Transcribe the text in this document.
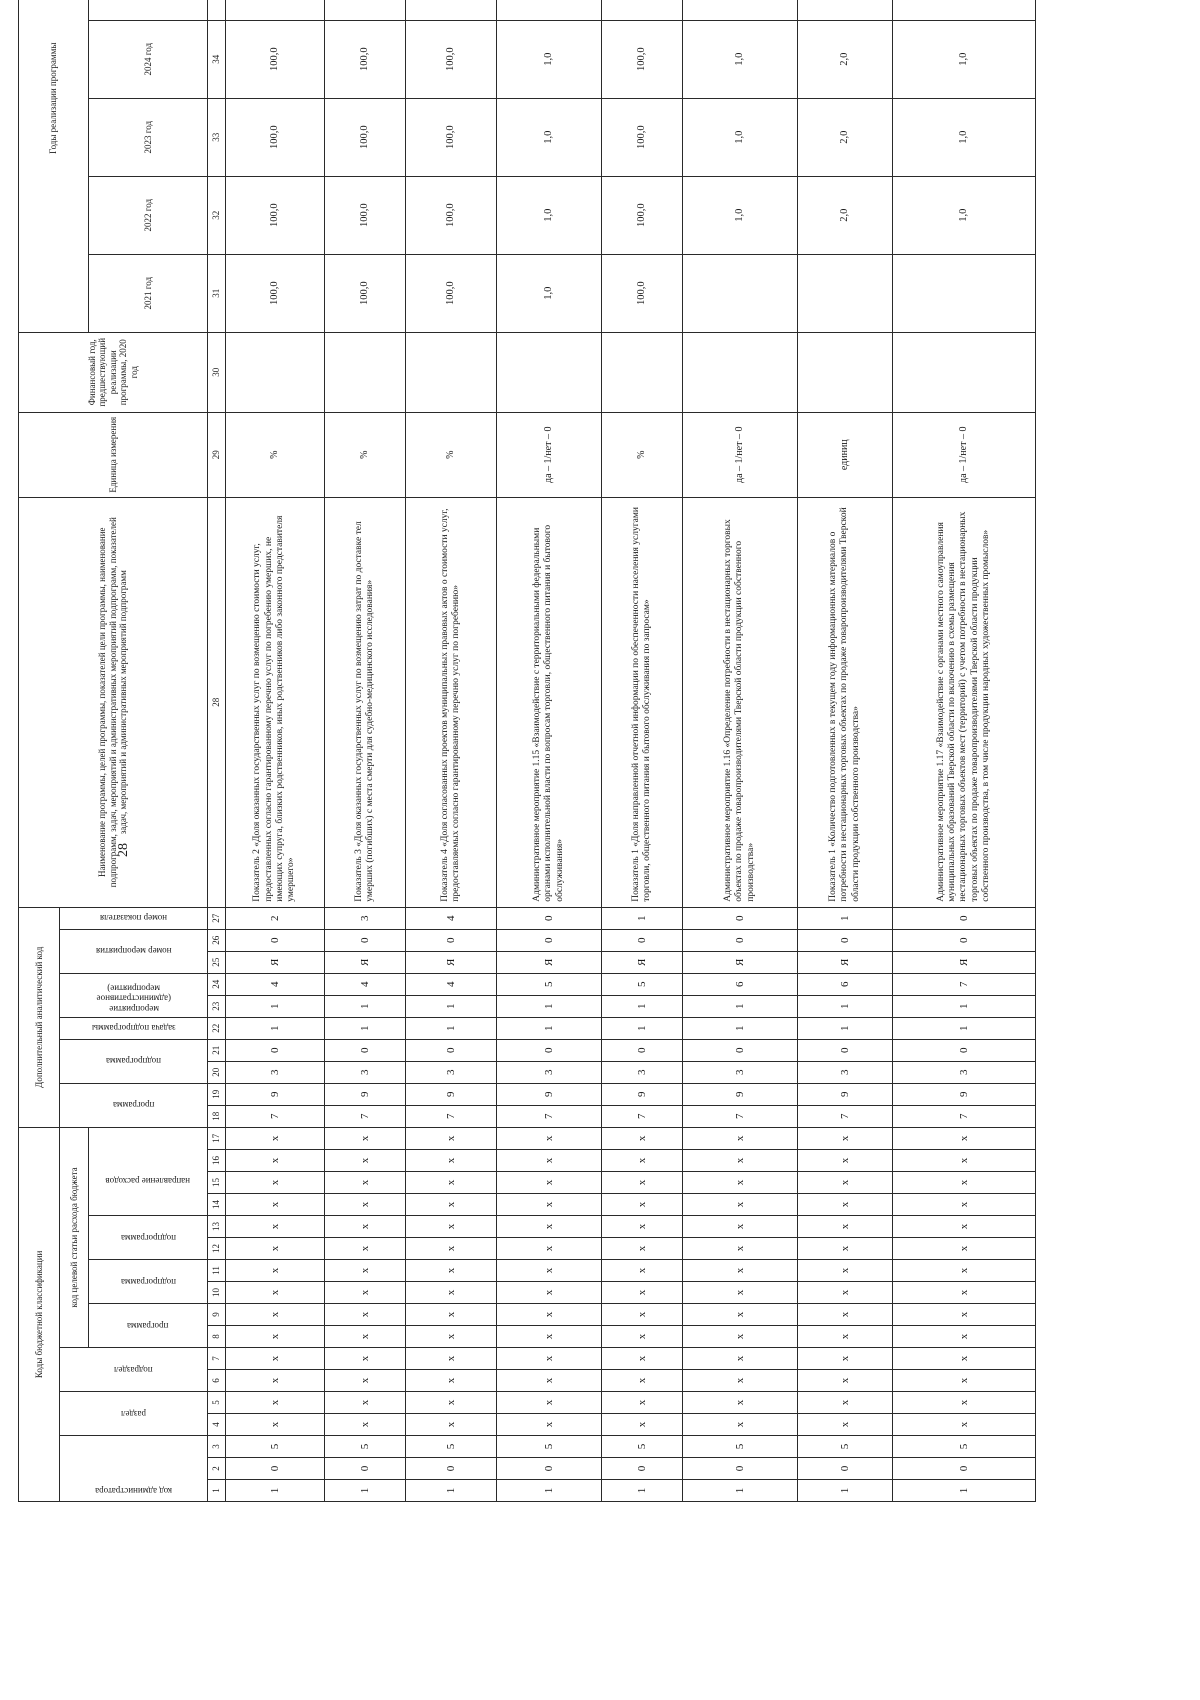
28
Коды бюджетной классификации																	Дополнительный аналитический код										Наименование программы, целей программы, показателей цели программы, наименование подпрограмм, задач, мероприятий и административных мероприятий подпрограмм, показателей задач, мероприятий и административных мероприятий подпрограмм	Единица измерения	Финансовый год, предшествующий реализации программы, 2020 год	Годы реализации программы	

код администратора			раздел		подраздел		код целевой статьи расхода бюджета										программа		подпрограмма		задача подпрограммы	мероприятие (административное мероприятие)		номер мероприятия		номер показателя

							программа		подпрограмма		подпрограмма		направление расходов																	2021 год	2022 год	2023 год	2024 год		

1	2	3	4	5	6	7	8	9	10	11	12	13	14	15	16	17	18	19	20	21	22	23	24	25	26	27	28	29	30	31	32	33	34			
1	0	5	х	х	х	х	х	х	х	х	х	х	х	х	х	х	7	9	3	0	1	1	4	Я	0	2	Показатель 2 «Доля оказанных государственных услуг по возмещению стоимости услуг, предоставленных согласно гарантированному перечню услуг по погребению умерших, не имеющих супруга, близких родственников, иных родственников либо законного представителя умершего»	%		100,0	100,0	100,0	100,0			
1	0	5	х	х	х	х	х	х	х	х	х	х	х	х	х	х	7	9	3	0	1	1	4	Я	0	3	Показатель 3 «Доля оказанных государственных услуг по возмещению затрат по доставке тел умерших (погибших) с места смерти для судебно-медицинского исследования»	%		100,0	100,0	100,0	100,0			
1	0	5	х	х	х	х	х	х	х	х	х	х	х	х	х	х	7	9	3	0	1	1	4	Я	0	4	Показатель 4 «Доля согласованных проектов муниципальных правовых актов о стоимости услуг, предоставляемых согласно гарантированному перечню услуг по погребению»	%		100,0	100,0	100,0	100,0			
1	0	5	х	х	х	х	х	х	х	х	х	х	х	х	х	х	7	9	3	0	1	1	5	Я	0	0	Административное мероприятие 1.15 «Взаимодействие с территориальными федеральными органами исполнительной власти по вопросам торговли, общественного питания и бытового обслуживания»	да – 1/нет – 0		1,0	1,0	1,0	1,0			
1	0	5	х	х	х	х	х	х	х	х	х	х	х	х	х	х	7	9	3	0	1	1	5	Я	0	1	Показатель 1 «Доля направленной отчетной информации по обеспеченности населения услугами торговли, общественного питания и бытового обслуживания по запросам»	%		100,0	100,0	100,0	100,0			
1	0	5	х	х	х	х	х	х	х	х	х	х	х	х	х	х	7	9	3	0	1	1	6	Я	0	0	Административное мероприятие 1.16 «Определение потребности в нестационарных торговых объектах по продаже товаропроизводителями Тверской области продукции собственного производства»	да – 1/нет – 0			1,0	1,0	1,0			
1	0	5	х	х	х	х	х	х	х	х	х	х	х	х	х	х	7	9	3	0	1	1	6	Я	0	1	Показатель 1 «Количество подготовленных в текущем году информационных материалов о потребности в нестационарных торговых объектах по продаже товаропроизводителями Тверской области продукции собственного производства»	единиц			2,0	2,0	2,0			
1	0	5	х	х	х	х	х	х	х	х	х	х	х	х	х	х	7	9	3	0	1	1	7	Я	0	0	Административное мероприятие 1.17 «Взаимодействие с органами местного самоуправления муниципальных образований Тверской области по включению в схемы размещения нестационарных торговых объектов мест (территорий) с учетом потребности в нестационарных торговых объектах по продаже товаропроизводителями Тверской области продукции собственного производства, в том числе продукции народных художественных промыслов»	да – 1/нет – 0			1,0	1,0	1,0			
